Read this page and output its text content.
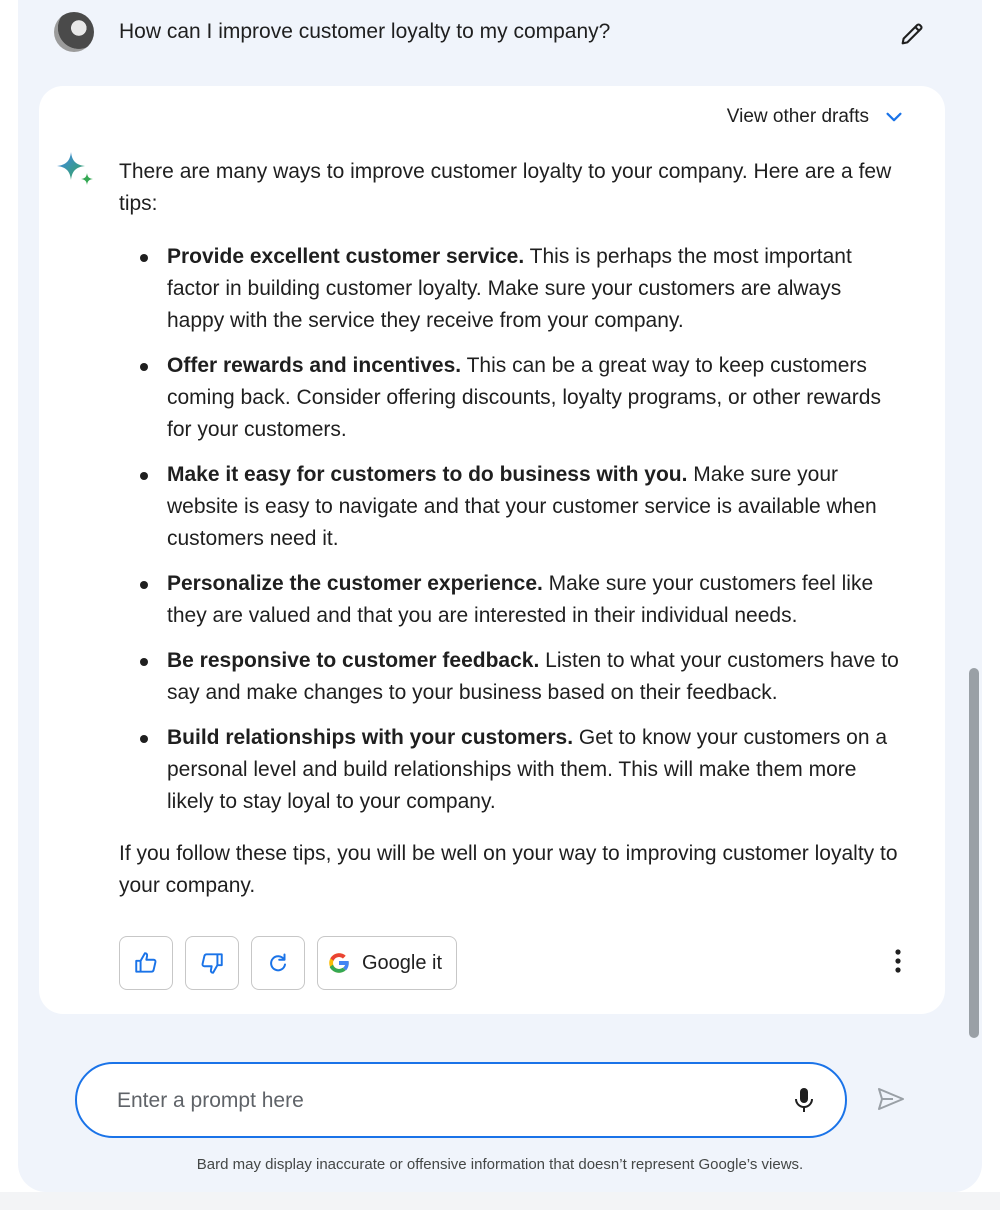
How can I improve customer loyalty to my company?
View other drafts

There are many ways to improve customer loyalty to your company. Here are a few tips:

Provide excellent customer service. This is perhaps the most important factor in building customer loyalty. Make sure your customers are always happy with the service they receive from your company.
Offer rewards and incentives. This can be a great way to keep customers coming back. Consider offering discounts, loyalty programs, or other rewards for your customers.
Make it easy for customers to do business with you. Make sure your website is easy to navigate and that your customer service is available when customers need it.
Personalize the customer experience. Make sure your customers feel like they are valued and that you are interested in their individual needs.
Be responsive to customer feedback. Listen to what your customers have to say and make changes to your business based on their feedback.
Build relationships with your customers. Get to know your customers on a personal level and build relationships with them. This will make them more likely to stay loyal to your company.

If you follow these tips, you will be well on your way to improving customer loyalty to your company.

Google it
Enter a prompt here
Bard may display inaccurate or offensive information that doesn’t represent Google’s views.
